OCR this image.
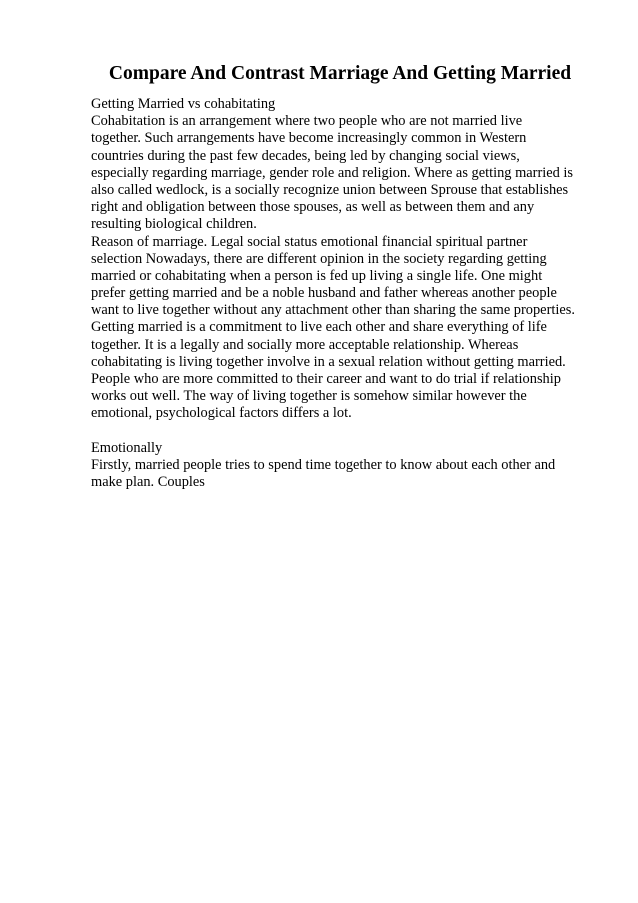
Compare And Contrast Marriage And Getting Married
Getting Married vs cohabitating
Cohabitation is an arrangement where two people who are not married live
together. Such arrangements have become increasingly common in Western
countries during the past few decades, being led by changing social views,
especially regarding marriage, gender role and religion. Where as getting married is
also called wedlock, is a socially recognize union between Sprouse that establishes
right and obligation between those spouses, as well as between them and any
resulting biological children.
Reason of marriage. Legal social status emotional financial spiritual partner
selection Nowadays, there are different opinion in the society regarding getting
married or cohabitating when a person is fed up living a single life. One might
prefer getting married and be a noble husband and father whereas another people
want to live together without any attachment other than sharing the same properties.
Getting married is a commitment to live each other and share everything of life
together. It is a legally and socially more acceptable relationship. Whereas
cohabitating is living together involve in a sexual relation without getting married.
People who are more committed to their career and want to do trial if relationship
works out well. The way of living together is somehow similar however the
emotional, psychological factors differs a lot.
Emotionally
Firstly, married people tries to spend time together to know about each other and
make plan. Couples
